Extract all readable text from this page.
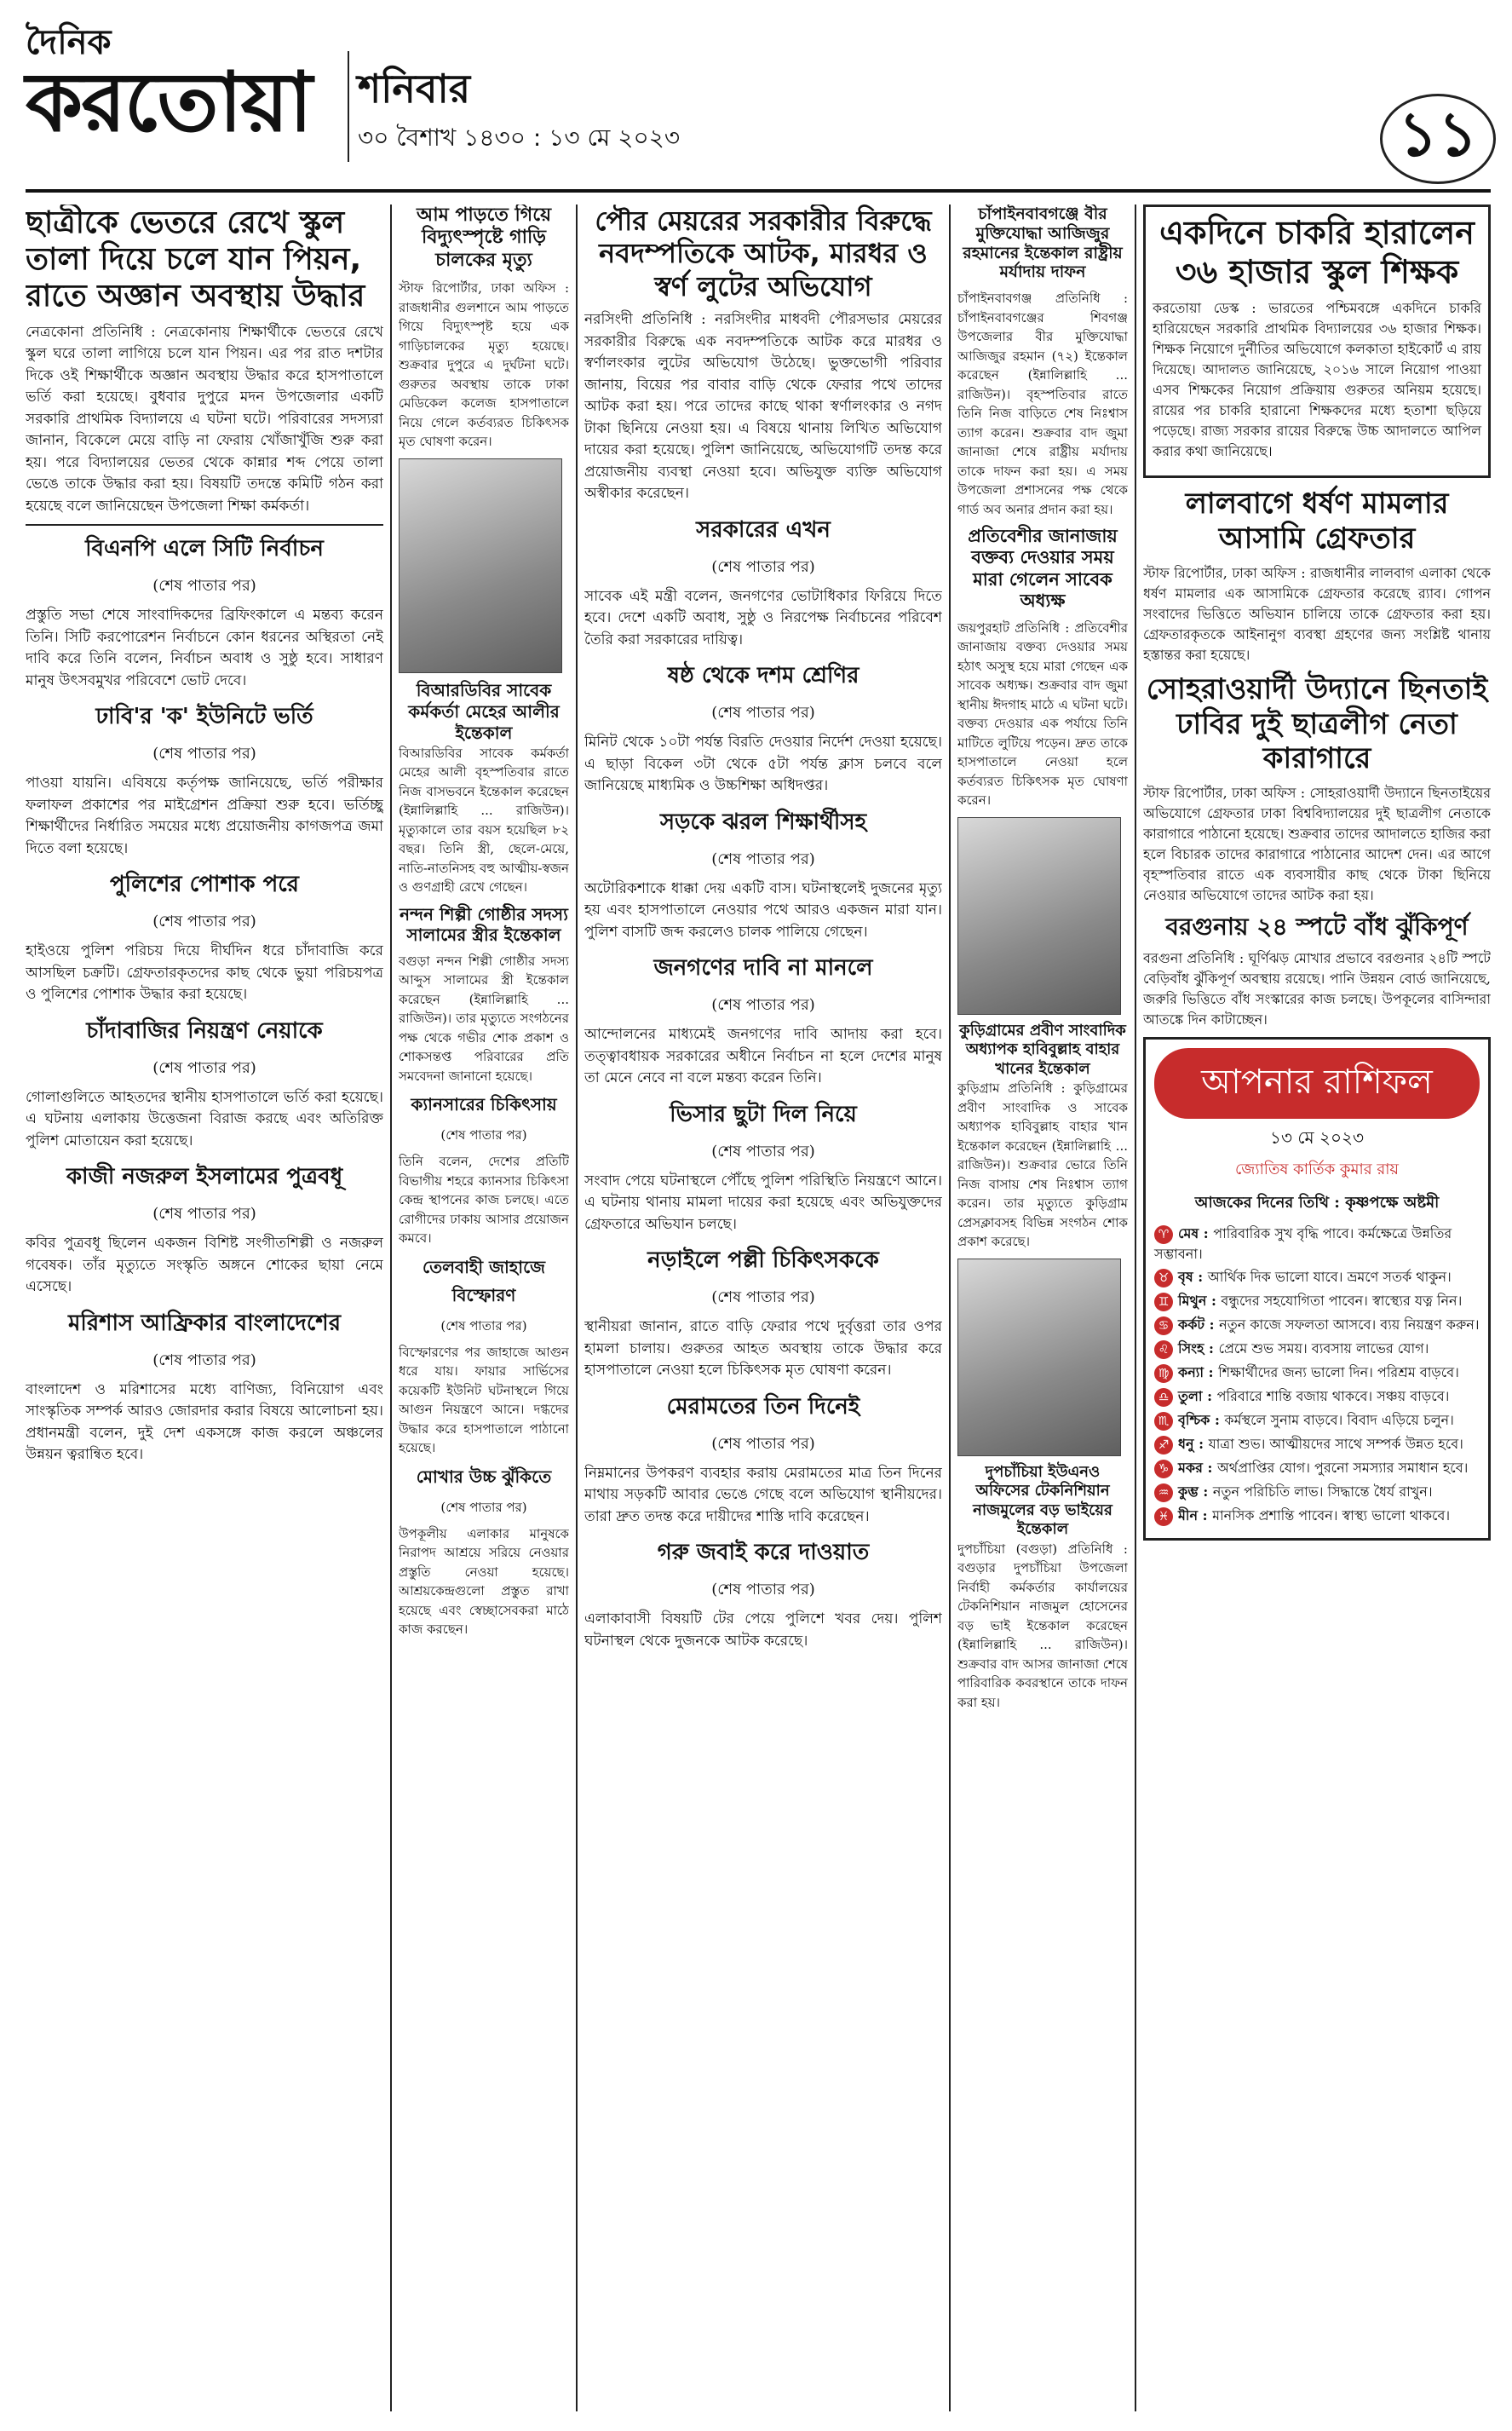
দৈনিক
করতোয়া	শনিবার
৩০ বৈশাখ ১৪৩০ : ১৩ মে ২০২৩	১১
ছাত্রীকে ভেতরে রেখে স্কুল তালা দিয়ে চলে যান পিয়ন, রাতে অজ্ঞান অবস্থায় উদ্ধার

নেত্রকোনা প্রতিনিধি : নেত্রকোনায় শিক্ষার্থীকে ভেতরে রেখে স্কুল ঘরে তালা লাগিয়ে চলে যান পিয়ন। এর পর রাত দশটার দিকে ওই শিক্ষার্থীকে অজ্ঞান অবস্থায় উদ্ধার করে হাসপাতালে ভর্তি করা হয়েছে। বুধবার দুপুরে মদন উপজেলার একটি সরকারি প্রাথমিক বিদ্যালয়ে এ ঘটনা ঘটে। পরিবারের সদস্যরা জানান, বিকেলে মেয়ে বাড়ি না ফেরায় খোঁজাখুঁজি শুরু করা হয়। পরে বিদ্যালয়ের ভেতর থেকে কান্নার শব্দ পেয়ে তালা ভেঙে তাকে উদ্ধার করা হয়। বিষয়টি তদন্তে কমিটি গঠন করা হয়েছে বলে জানিয়েছেন উপজেলা শিক্ষা কর্মকর্তা।

বিএনপি এলে সিটি নির্বাচন
(শেষ পাতার পর)

প্রস্তুতি সভা শেষে সাংবাদিকদের ব্রিফিংকালে এ মন্তব্য করেন তিনি। সিটি করপোরেশন নির্বাচনে কোন ধরনের অস্থিরতা নেই দাবি করে তিনি বলেন, নির্বাচন অবাধ ও সুষ্ঠু হবে। সাধারণ মানুষ উৎসবমুখর পরিবেশে ভোট দেবে।

ঢাবি'র 'ক' ইউনিটে ভর্তি
(শেষ পাতার পর)

পাওয়া যায়নি। এবিষয়ে কর্তৃপক্ষ জানিয়েছে, ভর্তি পরীক্ষার ফলাফল প্রকাশের পর মাইগ্রেশন প্রক্রিয়া শুরু হবে। ভর্তিচ্ছু শিক্ষার্থীদের নির্ধারিত সময়ের মধ্যে প্রয়োজনীয় কাগজপত্র জমা দিতে বলা হয়েছে।

পুলিশের পোশাক পরে
(শেষ পাতার পর)

হাইওয়ে পুলিশ পরিচয় দিয়ে দীর্ঘদিন ধরে চাঁদাবাজি করে আসছিল চক্রটি। গ্রেফতারকৃতদের কাছ থেকে ভুয়া পরিচয়পত্র ও পুলিশের পোশাক উদ্ধার করা হয়েছে।

চাঁদাবাজির নিয়ন্ত্রণ নেয়াকে
(শেষ পাতার পর)

গোলাগুলিতে আহতদের স্থানীয় হাসপাতালে ভর্তি করা হয়েছে। এ ঘটনায় এলাকায় উত্তেজনা বিরাজ করছে এবং অতিরিক্ত পুলিশ মোতায়েন করা হয়েছে।

কাজী নজরুল ইসলামের পুত্রবধূ
(শেষ পাতার পর)

কবির পুত্রবধূ ছিলেন একজন বিশিষ্ট সংগীতশিল্পী ও নজরুল গবেষক। তাঁর মৃত্যুতে সংস্কৃতি অঙ্গনে শোকের ছায়া নেমে এসেছে।

মরিশাস আফ্রিকার বাংলাদেশের
(শেষ পাতার পর)

বাংলাদেশ ও মরিশাসের মধ্যে বাণিজ্য, বিনিয়োগ এবং সাংস্কৃতিক সম্পর্ক আরও জোরদার করার বিষয়ে আলোচনা হয়। প্রধানমন্ত্রী বলেন, দুই দেশ একসঙ্গে কাজ করলে অঞ্চলের উন্নয়ন ত্বরান্বিত হবে।

আম পাড়তে গিয়ে বিদ্যুৎস্পৃষ্টে গাড়ি চালকের মৃত্যু

স্টাফ রিপোর্টার, ঢাকা অফিস : রাজধানীর গুলশানে আম পাড়তে গিয়ে বিদ্যুৎস্পৃষ্ট হয়ে এক গাড়িচালকের মৃত্যু হয়েছে। শুক্রবার দুপুরে এ দুর্ঘটনা ঘটে। গুরুতর অবস্থায় তাকে ঢাকা মেডিকেল কলেজ হাসপাতালে নিয়ে গেলে কর্তব্যরত চিকিৎসক মৃত ঘোষণা করেন।

বিআরডিবির সাবেক কর্মকর্তা মেহের আলীর ইন্তেকাল

বিআরডিবির সাবেক কর্মকর্তা মেহের আলী বৃহস্পতিবার রাতে নিজ বাসভবনে ইন্তেকাল করেছেন (ইন্নালিল্লাহি ... রাজিউন)। মৃত্যুকালে তার বয়স হয়েছিল ৮২ বছর। তিনি স্ত্রী, ছেলে-মেয়ে, নাতি-নাতনিসহ বহু আত্মীয়-স্বজন ও গুণগ্রাহী রেখে গেছেন।

নন্দন শিল্পী গোষ্ঠীর সদস্য সালামের স্ত্রীর ইন্তেকাল

বগুড়া নন্দন শিল্পী গোষ্ঠীর সদস্য আব্দুস সালামের স্ত্রী ইন্তেকাল করেছেন (ইন্নালিল্লাহি ... রাজিউন)। তার মৃত্যুতে সংগঠনের পক্ষ থেকে গভীর শোক প্রকাশ ও শোকসন্তপ্ত পরিবারের প্রতি সমবেদনা জানানো হয়েছে।

ক্যানসারের চিকিৎসায়
(শেষ পাতার পর)

তিনি বলেন, দেশের প্রতিটি বিভাগীয় শহরে ক্যানসার চিকিৎসা কেন্দ্র স্থাপনের কাজ চলছে। এতে রোগীদের ঢাকায় আসার প্রয়োজন কমবে।

তেলবাহী জাহাজে বিস্ফোরণ
(শেষ পাতার পর)

বিস্ফোরণের পর জাহাজে আগুন ধরে যায়। ফায়ার সার্ভিসের কয়েকটি ইউনিট ঘটনাস্থলে গিয়ে আগুন নিয়ন্ত্রণে আনে। দগ্ধদের উদ্ধার করে হাসপাতালে পাঠানো হয়েছে।

মোখার উচ্চ ঝুঁকিতে
(শেষ পাতার পর)

উপকূলীয় এলাকার মানুষকে নিরাপদ আশ্রয়ে সরিয়ে নেওয়ার প্রস্তুতি নেওয়া হয়েছে। আশ্রয়কেন্দ্রগুলো প্রস্তুত রাখা হয়েছে এবং স্বেচ্ছাসেবকরা মাঠে কাজ করছেন।

পৌর মেয়রের সরকারীর বিরুদ্ধে নবদম্পতিকে আটক, মারধর ও স্বর্ণ লুটের অভিযোগ

নরসিংদী প্রতিনিধি : নরসিংদীর মাধবদী পৌরসভার মেয়রের সরকারীর বিরুদ্ধে এক নবদম্পতিকে আটক করে মারধর ও স্বর্ণালংকার লুটের অভিযোগ উঠেছে। ভুক্তভোগী পরিবার জানায়, বিয়ের পর বাবার বাড়ি থেকে ফেরার পথে তাদের আটক করা হয়। পরে তাদের কাছে থাকা স্বর্ণালংকার ও নগদ টাকা ছিনিয়ে নেওয়া হয়। এ বিষয়ে থানায় লিখিত অভিযোগ দায়ের করা হয়েছে। পুলিশ জানিয়েছে, অভিযোগটি তদন্ত করে প্রয়োজনীয় ব্যবস্থা নেওয়া হবে। অভিযুক্ত ব্যক্তি অভিযোগ অস্বীকার করেছেন।

সরকারের এখন
(শেষ পাতার পর)

সাবেক এই মন্ত্রী বলেন, জনগণের ভোটাধিকার ফিরিয়ে দিতে হবে। দেশে একটি অবাধ, সুষ্ঠু ও নিরপেক্ষ নির্বাচনের পরিবেশ তৈরি করা সরকারের দায়িত্ব।

ষষ্ঠ থেকে দশম শ্রেণির
(শেষ পাতার পর)

মিনিট থেকে ১০টা পর্যন্ত বিরতি দেওয়ার নির্দেশ দেওয়া হয়েছে। এ ছাড়া বিকেল ৩টা থেকে ৫টা পর্যন্ত ক্লাস চলবে বলে জানিয়েছে মাধ্যমিক ও উচ্চশিক্ষা অধিদপ্তর।

সড়কে ঝরল শিক্ষার্থীসহ
(শেষ পাতার পর)

অটোরিকশাকে ধাক্কা দেয় একটি বাস। ঘটনাস্থলেই দুজনের মৃত্যু হয় এবং হাসপাতালে নেওয়ার পথে আরও একজন মারা যান। পুলিশ বাসটি জব্দ করলেও চালক পালিয়ে গেছেন।

জনগণের দাবি না মানলে
(শেষ পাতার পর)

আন্দোলনের মাধ্যমেই জনগণের দাবি আদায় করা হবে। তত্ত্বাবধায়ক সরকারের অধীনে নির্বাচন না হলে দেশের মানুষ তা মেনে নেবে না বলে মন্তব্য করেন তিনি।

ভিসার ছুটা দিল নিয়ে
(শেষ পাতার পর)

সংবাদ পেয়ে ঘটনাস্থলে পৌঁছে পুলিশ পরিস্থিতি নিয়ন্ত্রণে আনে। এ ঘটনায় থানায় মামলা দায়ের করা হয়েছে এবং অভিযুক্তদের গ্রেফতারে অভিযান চলছে।

নড়াইলে পল্লী চিকিৎসককে
(শেষ পাতার পর)

স্থানীয়রা জানান, রাতে বাড়ি ফেরার পথে দুর্বৃত্তরা তার ওপর হামলা চালায়। গুরুতর আহত অবস্থায় তাকে উদ্ধার করে হাসপাতালে নেওয়া হলে চিকিৎসক মৃত ঘোষণা করেন।

মেরামতের তিন দিনেই
(শেষ পাতার পর)

নিম্নমানের উপকরণ ব্যবহার করায় মেরামতের মাত্র তিন দিনের মাথায় সড়কটি আবার ভেঙে গেছে বলে অভিযোগ স্থানীয়দের। তারা দ্রুত তদন্ত করে দায়ীদের শাস্তি দাবি করেছেন।

গরু জবাই করে দাওয়াত
(শেষ পাতার পর)

এলাকাবাসী বিষয়টি টের পেয়ে পুলিশে খবর দেয়। পুলিশ ঘটনাস্থল থেকে দুজনকে আটক করেছে।

চাঁপাইনবাবগঞ্জে বীর মুক্তিযোদ্ধা আজিজুর রহমানের ইন্তেকাল রাষ্ট্রীয় মর্যাদায় দাফন

চাঁপাইনবাবগঞ্জ প্রতিনিধি : চাঁপাইনবাবগঞ্জের শিবগঞ্জ উপজেলার বীর মুক্তিযোদ্ধা আজিজুর রহমান (৭২) ইন্তেকাল করেছেন (ইন্নালিল্লাহি ... রাজিউন)। বৃহস্পতিবার রাতে তিনি নিজ বাড়িতে শেষ নিঃশ্বাস ত্যাগ করেন। শুক্রবার বাদ জুমা জানাজা শেষে রাষ্ট্রীয় মর্যাদায় তাকে দাফন করা হয়। এ সময় উপজেলা প্রশাসনের পক্ষ থেকে গার্ড অব অনার প্রদান করা হয়।

প্রতিবেশীর জানাজায় বক্তব্য দেওয়ার সময় মারা গেলেন সাবেক অধ্যক্ষ

জয়পুরহাট প্রতিনিধি : প্রতিবেশীর জানাজায় বক্তব্য দেওয়ার সময় হঠাৎ অসুস্থ হয়ে মারা গেছেন এক সাবেক অধ্যক্ষ। শুক্রবার বাদ জুমা স্থানীয় ঈদগাহ মাঠে এ ঘটনা ঘটে। বক্তব্য দেওয়ার এক পর্যায়ে তিনি মাটিতে লুটিয়ে পড়েন। দ্রুত তাকে হাসপাতালে নেওয়া হলে কর্তব্যরত চিকিৎসক মৃত ঘোষণা করেন।

কুড়িগ্রামের প্রবীণ সাংবাদিক অধ্যাপক হাবিবুল্লাহ বাহার খানের ইন্তেকাল

কুড়িগ্রাম প্রতিনিধি : কুড়িগ্রামের প্রবীণ সাংবাদিক ও সাবেক অধ্যাপক হাবিবুল্লাহ বাহার খান ইন্তেকাল করেছেন (ইন্নালিল্লাহি ... রাজিউন)। শুক্রবার ভোরে তিনি নিজ বাসায় শেষ নিঃশ্বাস ত্যাগ করেন। তার মৃত্যুতে কুড়িগ্রাম প্রেসক্লাবসহ বিভিন্ন সংগঠন শোক প্রকাশ করেছে।

দুপচাঁচিয়া ইউএনও অফিসের টেকনিশিয়ান নাজমুলের বড় ভাইয়ের ইন্তেকাল

দুপচাঁচিয়া (বগুড়া) প্রতিনিধি : বগুড়ার দুপচাঁচিয়া উপজেলা নির্বাহী কর্মকর্তার কার্যালয়ের টেকনিশিয়ান নাজমুল হোসেনের বড় ভাই ইন্তেকাল করেছেন (ইন্নালিল্লাহি ... রাজিউন)। শুক্রবার বাদ আসর জানাজা শেষে পারিবারিক কবরস্থানে তাকে দাফন করা হয়।

একদিনে চাকরি হারালেন ৩৬ হাজার স্কুল শিক্ষক

করতোয়া ডেস্ক : ভারতের পশ্চিমবঙ্গে একদিনে চাকরি হারিয়েছেন সরকারি প্রাথমিক বিদ্যালয়ের ৩৬ হাজার শিক্ষক। শিক্ষক নিয়োগে দুর্নীতির অভিযোগে কলকাতা হাইকোর্ট এ রায় দিয়েছে। আদালত জানিয়েছে, ২০১৬ সালে নিয়োগ পাওয়া এসব শিক্ষকের নিয়োগ প্রক্রিয়ায় গুরুতর অনিয়ম হয়েছে। রায়ের পর চাকরি হারানো শিক্ষকদের মধ্যে হতাশা ছড়িয়ে পড়েছে। রাজ্য সরকার রায়ের বিরুদ্ধে উচ্চ আদালতে আপিল করার কথা জানিয়েছে।

লালবাগে ধর্ষণ মামলার আসামি গ্রেফতার

স্টাফ রিপোর্টার, ঢাকা অফিস : রাজধানীর লালবাগ এলাকা থেকে ধর্ষণ মামলার এক আসামিকে গ্রেফতার করেছে র‍্যাব। গোপন সংবাদের ভিত্তিতে অভিযান চালিয়ে তাকে গ্রেফতার করা হয়। গ্রেফতারকৃতকে আইনানুগ ব্যবস্থা গ্রহণের জন্য সংশ্লিষ্ট থানায় হস্তান্তর করা হয়েছে।

সোহরাওয়ার্দী উদ্যানে ছিনতাই ঢাবির দুই ছাত্রলীগ নেতা কারাগারে

স্টাফ রিপোর্টার, ঢাকা অফিস : সোহরাওয়ার্দী উদ্যানে ছিনতাইয়ের অভিযোগে গ্রেফতার ঢাকা বিশ্ববিদ্যালয়ের দুই ছাত্রলীগ নেতাকে কারাগারে পাঠানো হয়েছে। শুক্রবার তাদের আদালতে হাজির করা হলে বিচারক তাদের কারাগারে পাঠানোর আদেশ দেন। এর আগে বৃহস্পতিবার রাতে এক ব্যবসায়ীর কাছ থেকে টাকা ছিনিয়ে নেওয়ার অভিযোগে তাদের আটক করা হয়।

বরগুনায় ২৪ স্পটে বাঁধ ঝুঁকিপূর্ণ

বরগুনা প্রতিনিধি : ঘূর্ণিঝড় মোখার প্রভাবে বরগুনার ২৪টি স্পটে বেড়িবাঁধ ঝুঁকিপূর্ণ অবস্থায় রয়েছে। পানি উন্নয়ন বোর্ড জানিয়েছে, জরুরি ভিত্তিতে বাঁধ সংস্কারের কাজ চলছে। উপকূলের বাসিন্দারা আতঙ্কে দিন কাটাচ্ছেন।

আপনার রাশিফল
১৩ মে ২০২৩
জ্যোতিষ কার্তিক কুমার রায়
আজকের দিনের তিথি : কৃষ্ণপক্ষে অষ্টমী
♈ মেষ : পারিবারিক সুখ বৃদ্ধি পাবে। কর্মক্ষেত্রে উন্নতির সম্ভাবনা।
♉ বৃষ : আর্থিক দিক ভালো যাবে। ভ্রমণে সতর্ক থাকুন।
♊ মিথুন : বন্ধুদের সহযোগিতা পাবেন। স্বাস্থ্যের যত্ন নিন।
♋ কর্কট : নতুন কাজে সফলতা আসবে। ব্যয় নিয়ন্ত্রণ করুন।
♌ সিংহ : প্রেমে শুভ সময়। ব্যবসায় লাভের যোগ।
♍ কন্যা : শিক্ষার্থীদের জন্য ভালো দিন। পরিশ্রম বাড়বে।
♎ তুলা : পরিবারে শান্তি বজায় থাকবে। সঞ্চয় বাড়বে।
♏ বৃশ্চিক : কর্মস্থলে সুনাম বাড়বে। বিবাদ এড়িয়ে চলুন।
♐ ধনু : যাত্রা শুভ। আত্মীয়দের সাথে সম্পর্ক উন্নত হবে।
♑ মকর : অর্থপ্রাপ্তির যোগ। পুরনো সমস্যার সমাধান হবে।
♒ কুম্ভ : নতুন পরিচিতি লাভ। সিদ্ধান্তে ধৈর্য রাখুন।
♓ মীন : মানসিক প্রশান্তি পাবেন। স্বাস্থ্য ভালো থাকবে।
